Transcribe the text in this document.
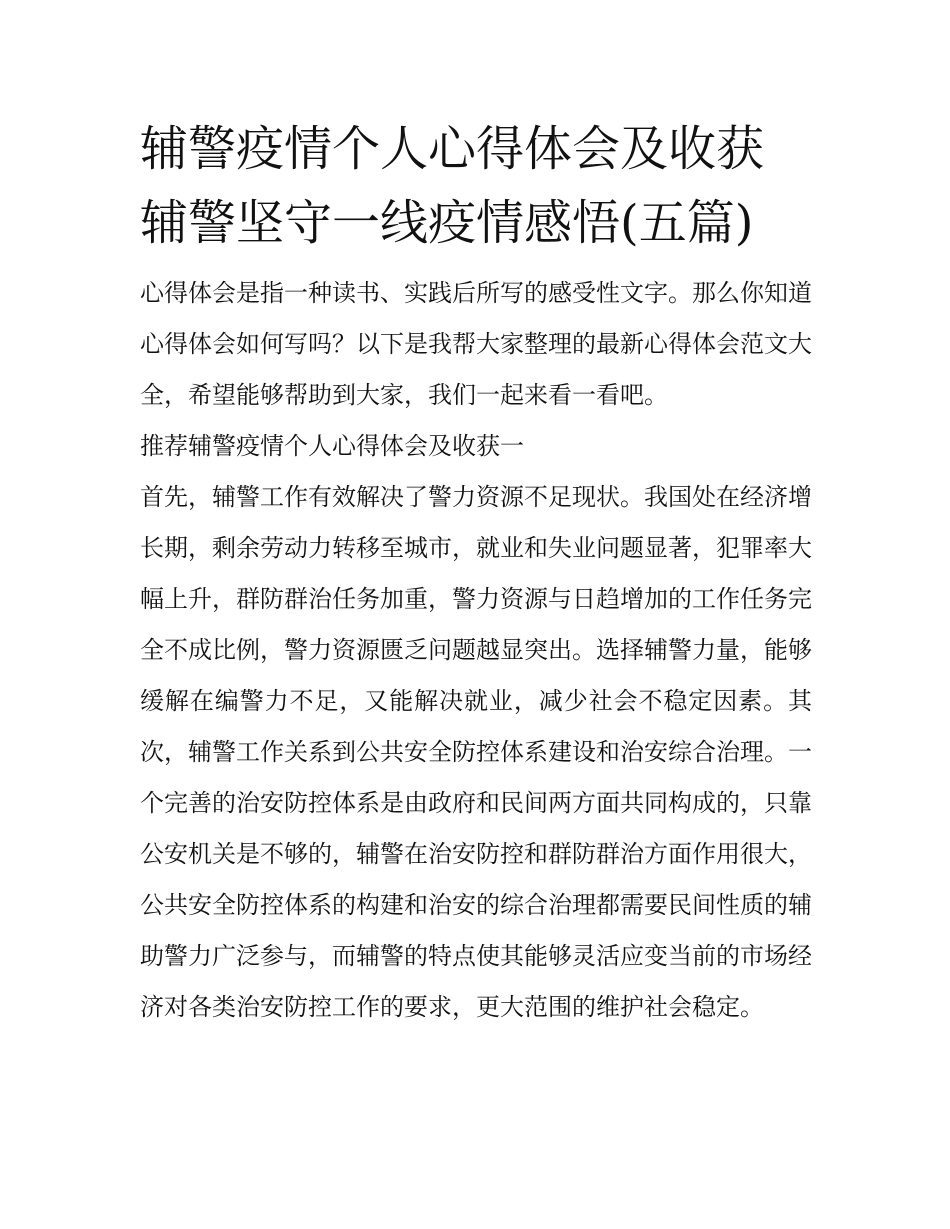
辅警疫情个人心得体会及收获
辅警坚守一线疫情感悟(五篇)

心得体会是指一种读书、实践后所写的感受性文字。那么你知道心得体会如何写吗？以下是我帮大家整理的最新心得体会范文大全，希望能够帮助到大家，我们一起来看一看吧。

推荐辅警疫情个人心得体会及收获一

首先，辅警工作有效解决了警力资源不足现状。我国处在经济增长期，剩余劳动力转移至城市，就业和失业问题显著，犯罪率大幅上升，群防群治任务加重，警力资源与日趋增加的工作任务完全不成比例，警力资源匮乏问题越显突出。选择辅警力量，能够缓解在编警力不足，又能解决就业，减少社会不稳定因素。其次，辅警工作关系到公共安全防控体系建设和治安综合治理。一个完善的治安防控体系是由政府和民间两方面共同构成的，只靠公安机关是不够的，辅警在治安防控和群防群治方面作用很大，公共安全防控体系的构建和治安的综合治理都需要民间性质的辅助警力广泛参与，而辅警的特点使其能够灵活应变当前的市场经济对各类治安防控工作的要求，更大范围的维护社会稳定。
